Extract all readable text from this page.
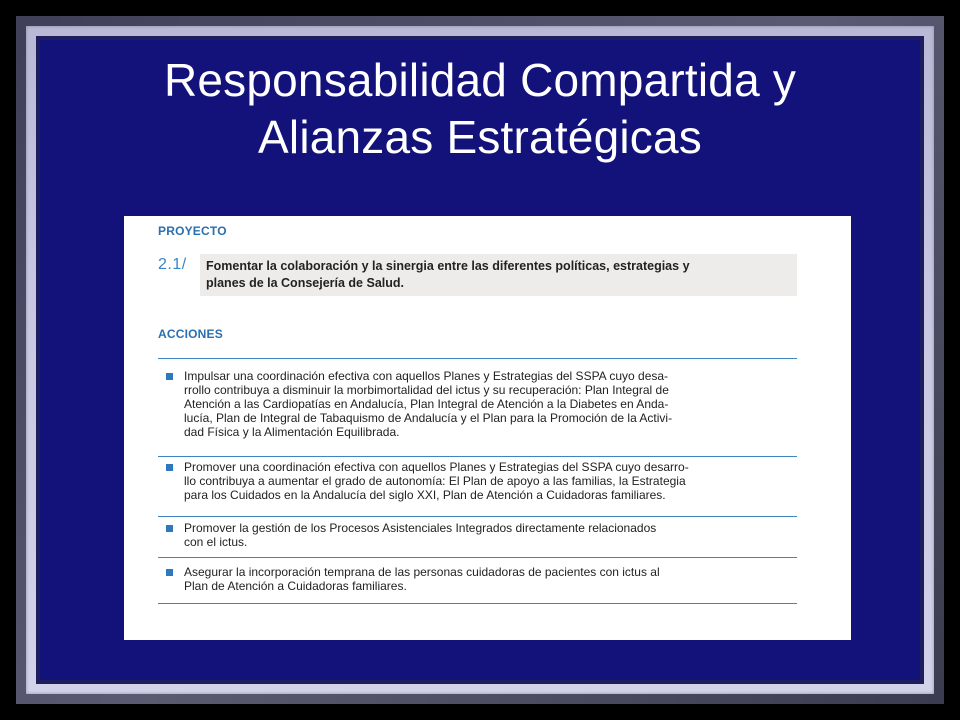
Responsabilidad Compartida y
Alianzas Estratégicas
PROYECTO
2.1/ Fomentar la colaboración y la sinergia entre las diferentes políticas, estrategias y
planes de la Consejería de Salud.
ACCIONES
Impulsar una coordinación efectiva con aquellos Planes y Estrategias del SSPA cuyo desa-
rrollo contribuya a disminuir la morbimortalidad del ictus y su recuperación: Plan Integral de
Atención a las Cardiopatías en Andalucía, Plan Integral de Atención a la Diabetes en Anda-
lucía, Plan de Integral de Tabaquismo de Andalucía y el Plan para la Promoción de la Activi-
dad Física y la Alimentación Equilibrada.
Promover una coordinación efectiva con aquellos Planes y Estrategias del SSPA cuyo desarro-
llo contribuya a aumentar el grado de autonomía: El Plan de apoyo a las familias, la Estrategia
para los Cuidados en la Andalucía del siglo XXI, Plan de Atención a Cuidadoras familiares.
Promover la gestión de los Procesos Asistenciales Integrados directamente relacionados
con el ictus.
Asegurar la incorporación temprana de las personas cuidadoras de pacientes con ictus al
Plan de Atención a Cuidadoras familiares.
